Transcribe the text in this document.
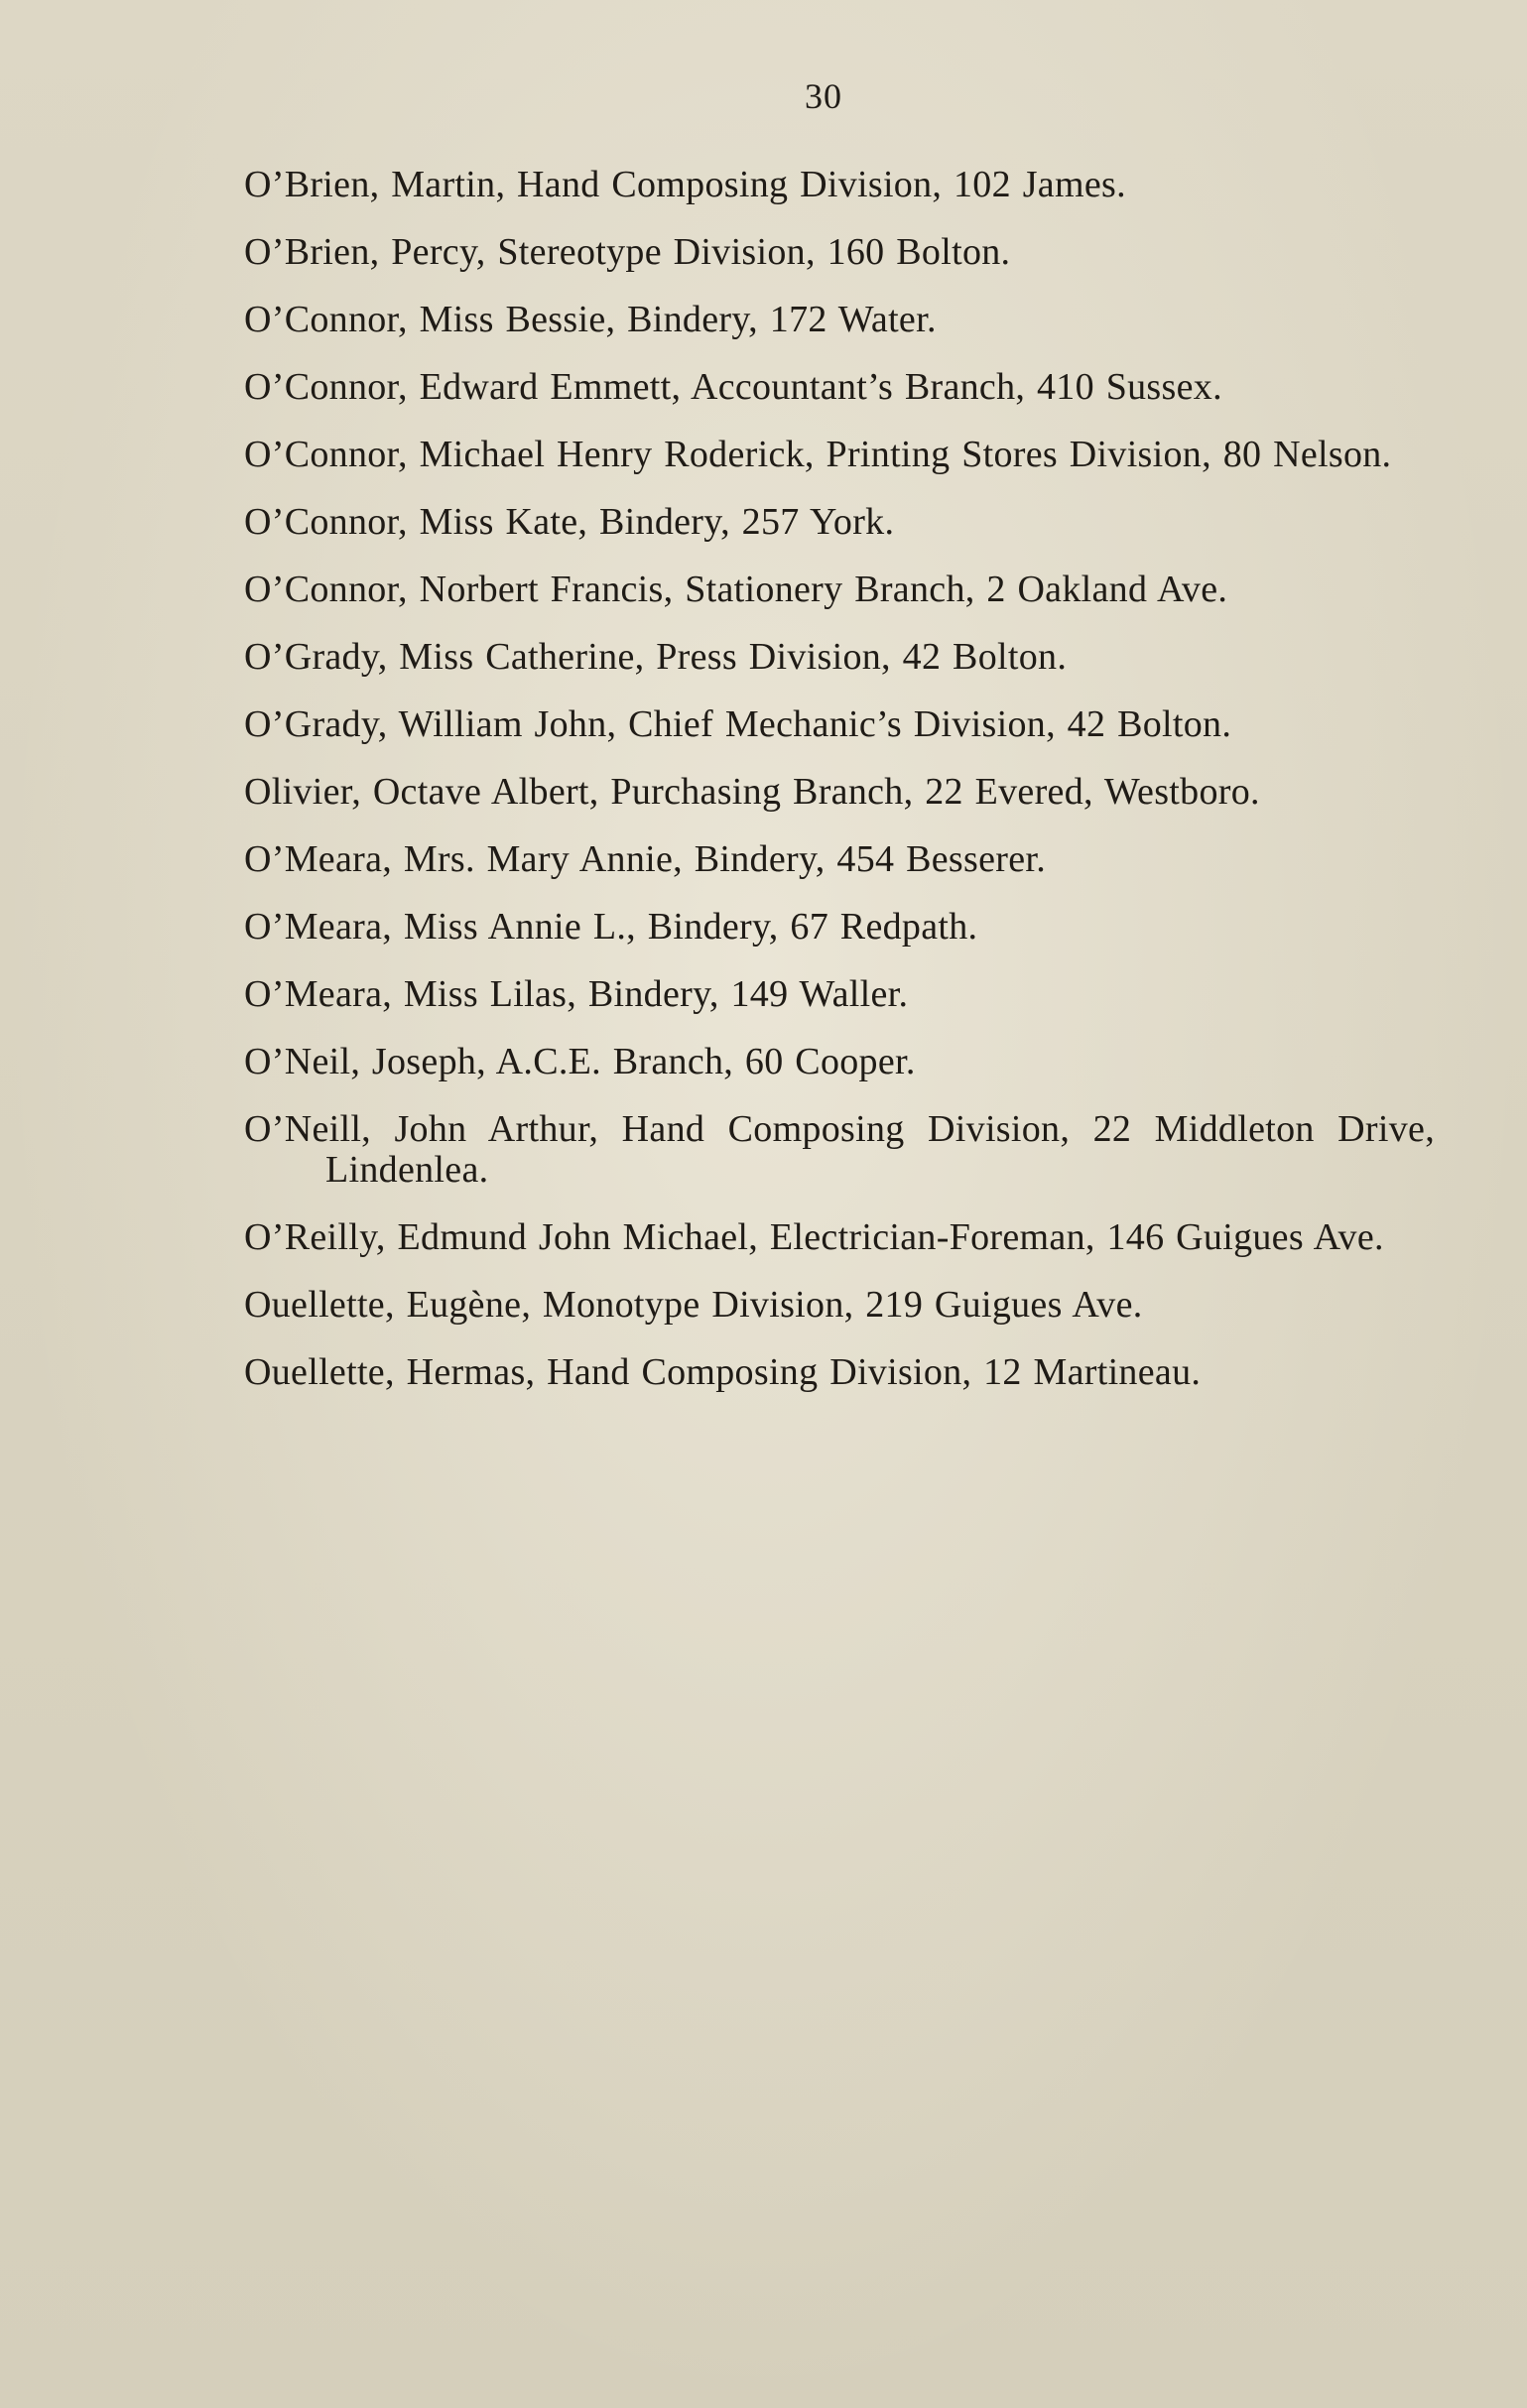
30
O’Brien, Martin, Hand Composing Division, 102 James.
O’Brien, Percy, Stereotype Division, 160 Bolton.
O’Connor, Miss Bessie, Bindery, 172 Water.
O’Connor, Edward Emmett, Accountant’s Branch, 410 Sussex.
O’Connor, Michael Henry Roderick, Printing Stores Division, 80 Nelson.
O’Connor, Miss Kate, Bindery, 257 York.
O’Connor, Norbert Francis, Stationery Branch, 2 Oakland Ave.
O’Grady, Miss Catherine, Press Division, 42 Bolton.
O’Grady, William John, Chief Mechanic’s Division, 42 Bolton.
Olivier, Octave Albert, Purchasing Branch, 22 Evered, Westboro.
O’Meara, Mrs. Mary Annie, Bindery, 454 Besserer.
O’Meara, Miss Annie L., Bindery, 67 Redpath.
O’Meara, Miss Lilas, Bindery, 149 Waller.
O’Neil, Joseph, A.C.E. Branch, 60 Cooper.
O’Neill, John Arthur, Hand Composing Division, 22 Middleton Drive, Lindenlea.
O’Reilly, Edmund John Michael, Electrician-Foreman, 146 Guigues Ave.
Ouellette, Eugène, Monotype Division, 219 Guigues Ave.
Ouellette, Hermas, Hand Composing Division, 12 Martineau.
